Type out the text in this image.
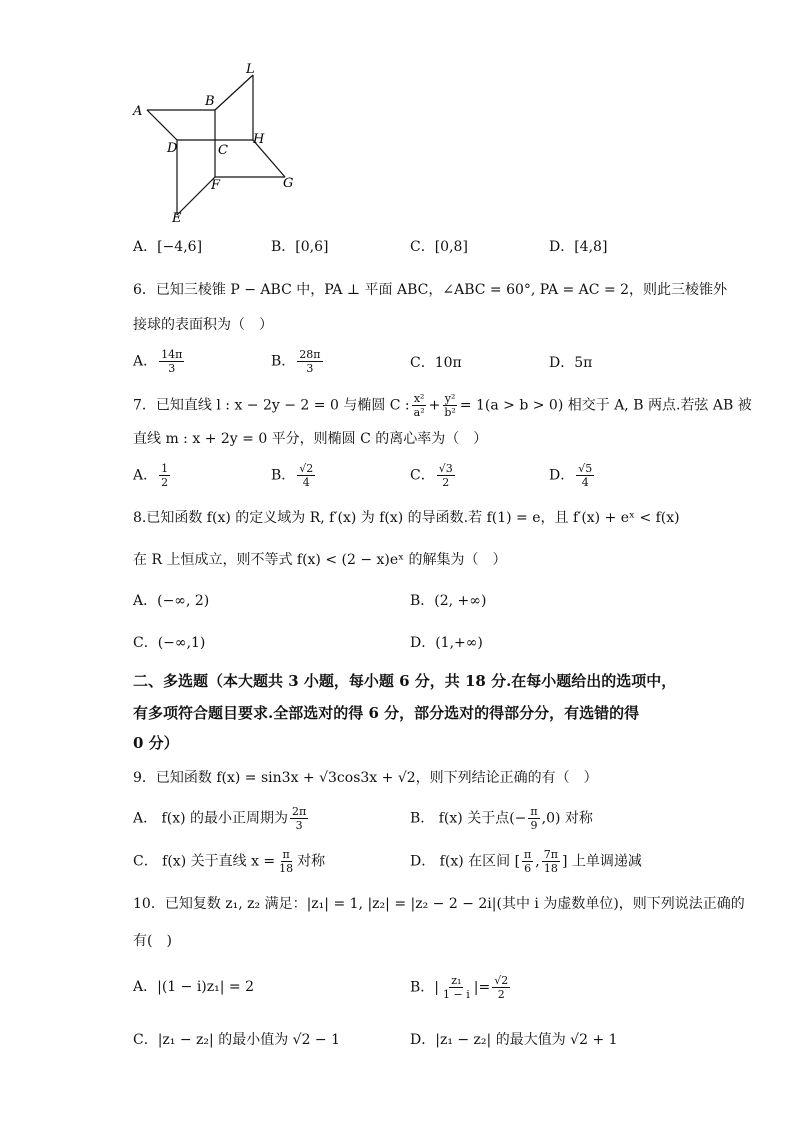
A
B
L
D	C
H
F	G
E
A．[−4,6]	B．[0,6]	C．[0,8]	D．[4,8]
6．已知三棱锥 P − ABC 中，PA ⊥ 平面 ABC，∠ABC = 60°, PA = AC = 2，则此三棱锥外
接球的表面积为（　）
A． $\frac{14\pi}{3}$	B． $\frac{28\pi}{3}$	C．10π	D．5π
7．已知直线 l : x − 2y − 2 = 0 与椭圆 C : $\frac{\text{x²}}{\text{a²}} + \frac{\text{y²}}{\text{b²}} = 1(a > b > 0)$ 相交于 A, B 两点.若弦 AB 被
直线 m : x + 2y = 0 平分，则椭圆 C 的离心率为（　）
A． $\frac{1}{2}$	B． $\frac{√2}{4}$	C． $\frac{√3}{2}$	D． $\frac{√5}{4}$
8.已知函数 f(x) 的定义域为 R, f′(x) 为 f(x) 的导函数.若 f(1) = e，且 f′(x) + eˣ < f(x)
在 R 上恒成立，则不等式 f(x) < (2 − x)eˣ 的解集为（　）
A．(−∞, 2)	B．(2, +∞)
C．(−∞,1)	D．(1,+∞)
二、多选题（本大题共 3 小题，每小题 6 分，共 18 分.在每小题给出的选项中，
有多项符合题目要求.全部选对的得 6 分，部分选对的得部分分，有选错的得
0 分）
9．已知函数 f(x) = sin3x + √3cos3x + √2，则下列结论正确的有（　）
A． f(x) 的最小正周期为 $\frac{2\pi}{3}$	B． f(x) 关于点(− $\frac{\pi}{9} ,0$) 对称
C． f(x) 关于直线 $x = \frac{\pi}{18}$ 对称	D． f(x) 在区间 [ $\frac{\pi}{6}$ , $\frac{7\pi}{18}$ ] 上单调递减
10．已知复数 z₁, z₂ 满足：|z₁| = 1, |z₂| = |z₂ − 2 − 2i|(其中 i 为虚数单位)，则下列说法正确的
有(　)
A．|(1 − i)z₁| = 2	B．| $\frac{\text{z₁}}{1 - i}$ |= $\frac{√2}{2}$
C．|z₁ − z₂| 的最小值为 √2 − 1	D．|z₁ − z₂| 的最大值为 √2 + 1
